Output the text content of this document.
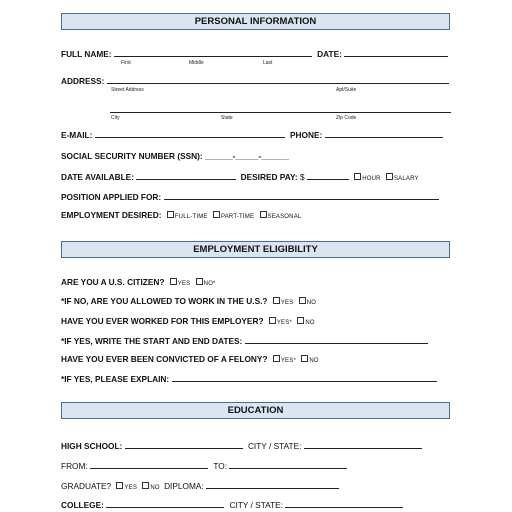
PERSONAL INFORMATION
FULL NAME:	DATE:
First	Middle	Last
ADDRESS:
Street Address	Apt/Suite
City	State	Zip Code
E-MAIL:	PHONE:
SOCIAL SECURITY NUMBER (SSN): ______-_____-______
DATE AVAILABLE:	DESIRED PAY: $	HOUR SALARY
POSITION APPLIED FOR:
EMPLOYMENT DESIRED: FULL-TIME PART-TIME SEASONAL
EMPLOYMENT ELIGIBILITY
ARE YOU A U.S. CITIZEN? YES NO*
*IF NO, ARE YOU ALLOWED TO WORK IN THE U.S.? YES NO
HAVE YOU EVER WORKED FOR THIS EMPLOYER? YES* NO
*IF YES, WRITE THE START AND END DATES:
HAVE YOU EVER BEEN CONVICTED OF A FELONY? YES* NO
*IF YES, PLEASE EXPLAIN:
EDUCATION
HIGH SCHOOL:	CITY / STATE:
FROM:	TO:
GRADUATE? YES NO DIPLOMA:
COLLEGE:	CITY / STATE:
